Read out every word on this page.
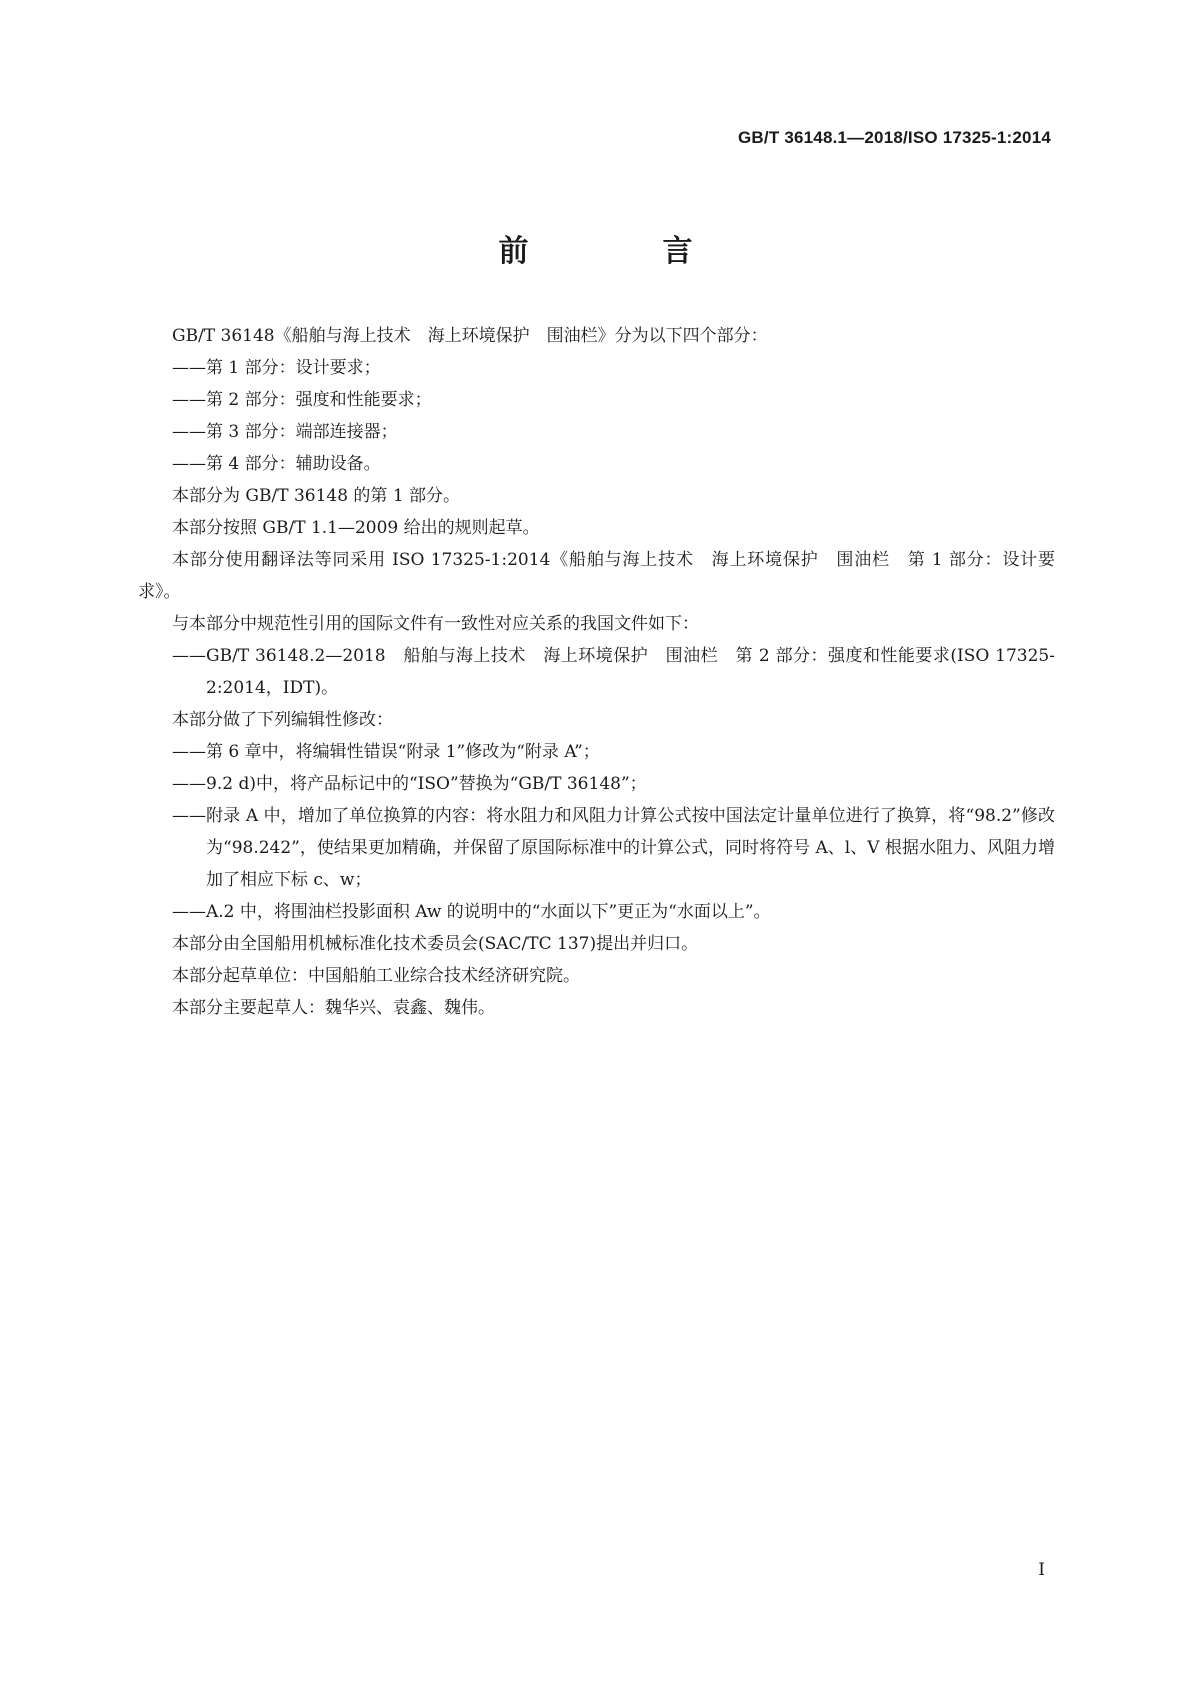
GB/T 36148.1—2018/ISO 17325-1:2014
前　言

GB/T 36148《船舶与海上技术　海上环境保护　围油栏》分为以下四个部分：

——第 1 部分：设计要求；

——第 2 部分：强度和性能要求；

——第 3 部分：端部连接器；

——第 4 部分：辅助设备。

本部分为 GB/T 36148 的第 1 部分。

本部分按照 GB/T 1.1—2009 给出的规则起草。

本部分使用翻译法等同采用 ISO 17325-1:2014《船舶与海上技术　海上环境保护　围油栏　第 1 部分：设计要求》。

与本部分中规范性引用的国际文件有一致性对应关系的我国文件如下：

——GB/T 36148.2—2018　船舶与海上技术　海上环境保护　围油栏　第 2 部分：强度和性能要求(ISO 17325-2:2014，IDT)。

本部分做了下列编辑性修改：

——第 6 章中，将编辑性错误“附录 1”修改为“附录 A”；

——9.2 d)中，将产品标记中的“ISO”替换为“GB/T 36148”；

——附录 A 中，增加了单位换算的内容：将水阻力和风阻力计算公式按中国法定计量单位进行了换算，将“98.2”修改为“98.242”，使结果更加精确，并保留了原国际标准中的计算公式，同时将符号 A、l、V 根据水阻力、风阻力增加了相应下标 c、w；

——A.2 中，将围油栏投影面积 Aw 的说明中的“水面以下”更正为“水面以上”。

本部分由全国船用机械标准化技术委员会(SAC/TC 137)提出并归口。

本部分起草单位：中国船舶工业综合技术经济研究院。

本部分主要起草人：魏华兴、袁鑫、魏伟。

I
